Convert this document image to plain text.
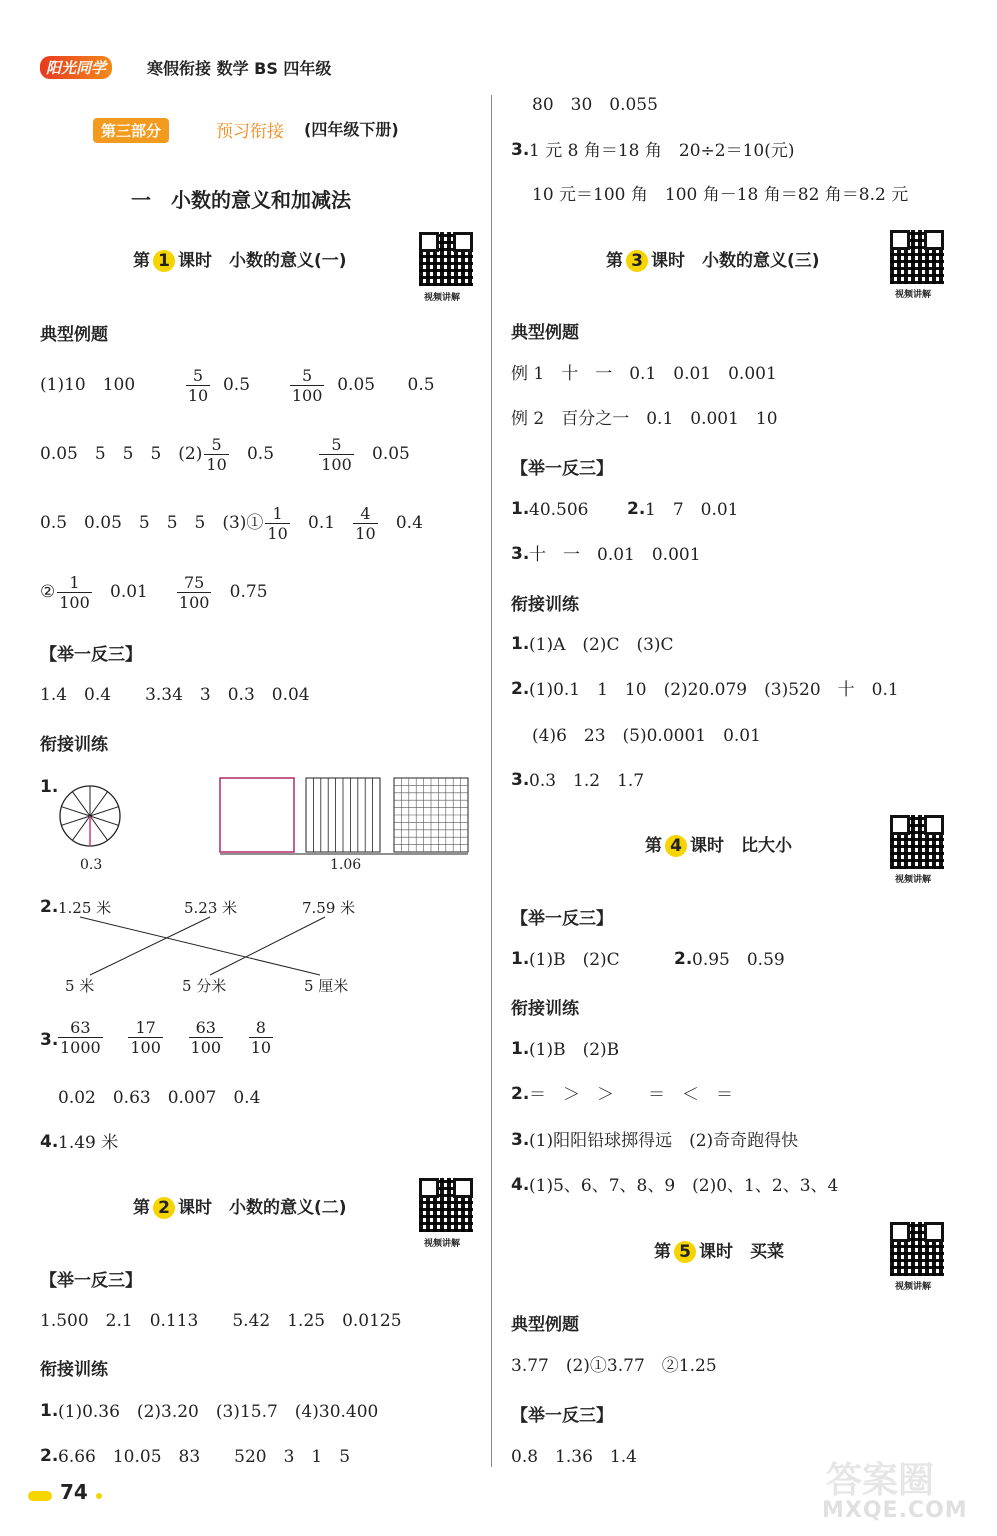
阳光同学	寒假衔接 数学 BS 四年级
第三部分	预习衔接 (四年级下册)
一　小数的意义和加减法
第 1 课时　小数的意义(一)
视频讲解
典型例题
(1)10　100	$\frac{5}{10} 0.5 \frac{5}{100} 0.05$ 0.5
0.05　5　5　5　$(2) \frac{5}{10} 0.5$	$\frac{5}{100} 0.05$
0.5　0.05　5　5　5　(3)① $\frac{1}{10} 0.1 \frac{4}{10} 0.4$
② $\frac{1}{100} 0.01 \frac{75}{100} 0.75$
【举一反三】
1.4　0.4　　3.34　3　0.3　0.04
衔接训练
1.
0.3	1.06
2. 1.25 米	5.23 米	7.59 米
5 米	5 分米	5 厘米
3. $\frac{63}{1000}$
$\frac{17}{100}$
$\frac{63}{100}$
$\frac{8}{10}$
0.02　0.63　0.007　0.4
4. 1.49 米
第 2 课时　小数的意义(二)
视频讲解
【举一反三】
1.500　2.1　0.113　　5.42　1.25　0.0125
衔接训练
1. (1)0.36　(2)3.20　(3)15.7　(4)30.400
2. 6.66　10.05　83　　520　3　1　5
80　30　0.055
3. 1 元 8 角＝18 角　20÷2＝10(元)
10 元＝100 角　100 角－18 角＝82 角＝8.2 元
第 3 课时　小数的意义(三)
视频讲解
典型例题
例 1　十　一　0.1　0.01　0.001
例 2　百分之一　0.1　0.001　10
【举一反三】
1. 40.506 2. 1　7　0.01
3. 十　一　0.01　0.001
衔接训练
1. (1)A　(2)C　(3)C
2. (1)0.1　1　10　(2)20.079　(3)520　十　0.1
(4)6　23　(5)0.0001　0.01
3. 0.3　1.2　1.7
第 4 课时　比大小
视频讲解
【举一反三】
1. (1)B　(2)C	2. 0.95　0.59
衔接训练
1. (1)B　(2)B
2. ＝　＞　＞　　＝　＜　＝
3. (1)阳阳铅球掷得远　(2)奇奇跑得快
4. (1)5、6、7、8、9　(2)0、1、2、3、4
第 5 课时　买菜
视频讲解
典型例题
3.77　(2)①3.77　②1.25
【举一反三】
0.8　1.36　1.4
74	答案圈
MXQE.COM
